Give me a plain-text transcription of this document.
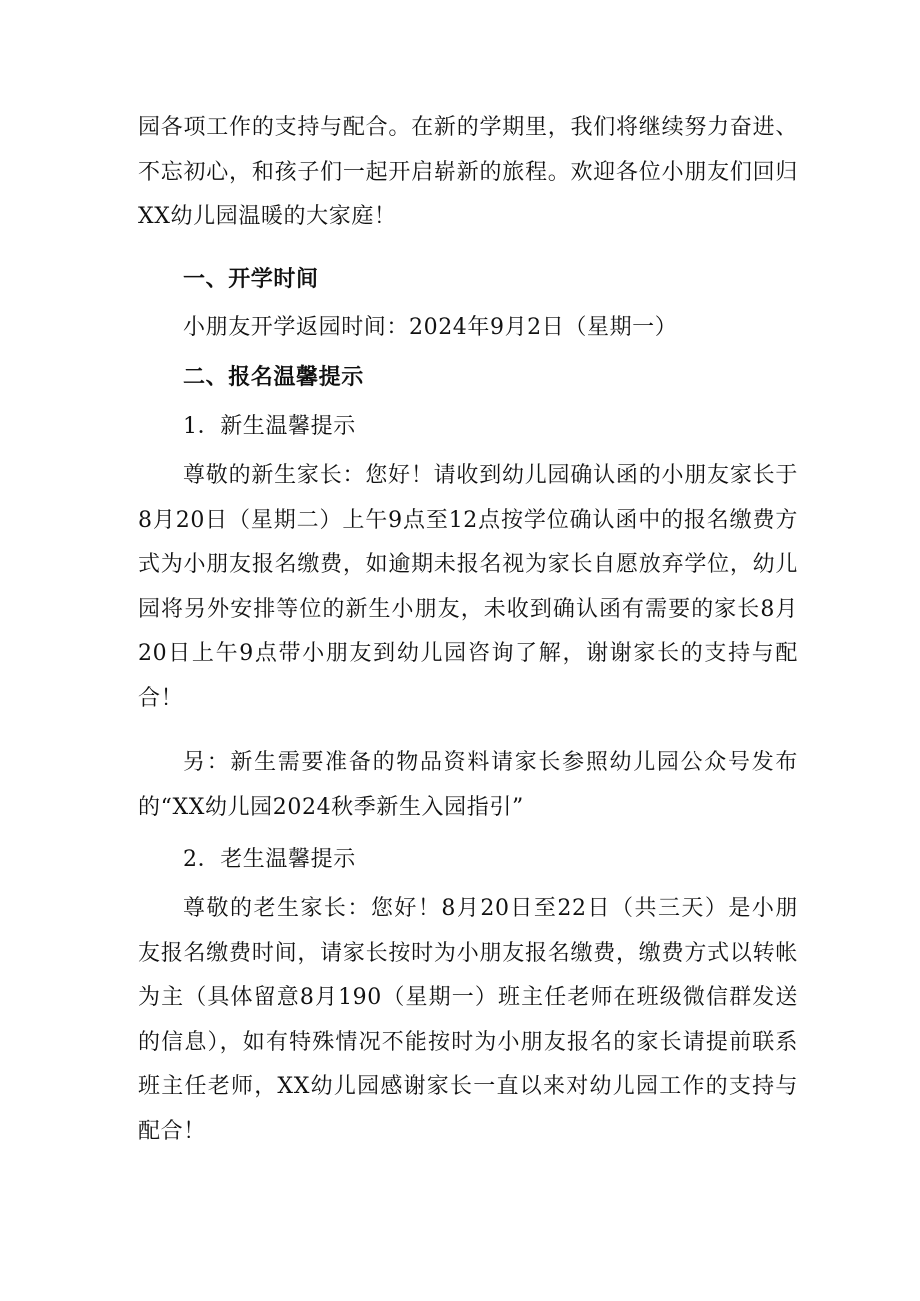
园各项工作的支持与配合。在新的学期里，我们将继续努力奋进、不忘初心，和孩子们一起开启崭新的旅程。欢迎各位小朋友们回归XX幼儿园温暖的大家庭！

一、开学时间

小朋友开学返园时间：2024年9月2日（星期一）

二、报名温馨提示

1．新生温馨提示

尊敬的新生家长：您好！请收到幼儿园确认函的小朋友家长于8月20日（星期二）上午9点至12点按学位确认函中的报名缴费方式为小朋友报名缴费，如逾期未报名视为家长自愿放弃学位，幼儿园将另外安排等位的新生小朋友，未收到确认函有需要的家长8月20日上午9点带小朋友到幼儿园咨询了解，谢谢家长的支持与配合！

另：新生需要准备的物品资料请家长参照幼儿园公众号发布的“XX幼儿园2024秋季新生入园指引”

2．老生温馨提示

尊敬的老生家长：您好！8月20日至22日（共三天）是小朋友报名缴费时间，请家长按时为小朋友报名缴费，缴费方式以转帐为主（具体留意8月190（星期一）班主任老师在班级微信群发送的信息），如有特殊情况不能按时为小朋友报名的家长请提前联系班主任老师，XX幼儿园感谢家长一直以来对幼儿园工作的支持与配合！
